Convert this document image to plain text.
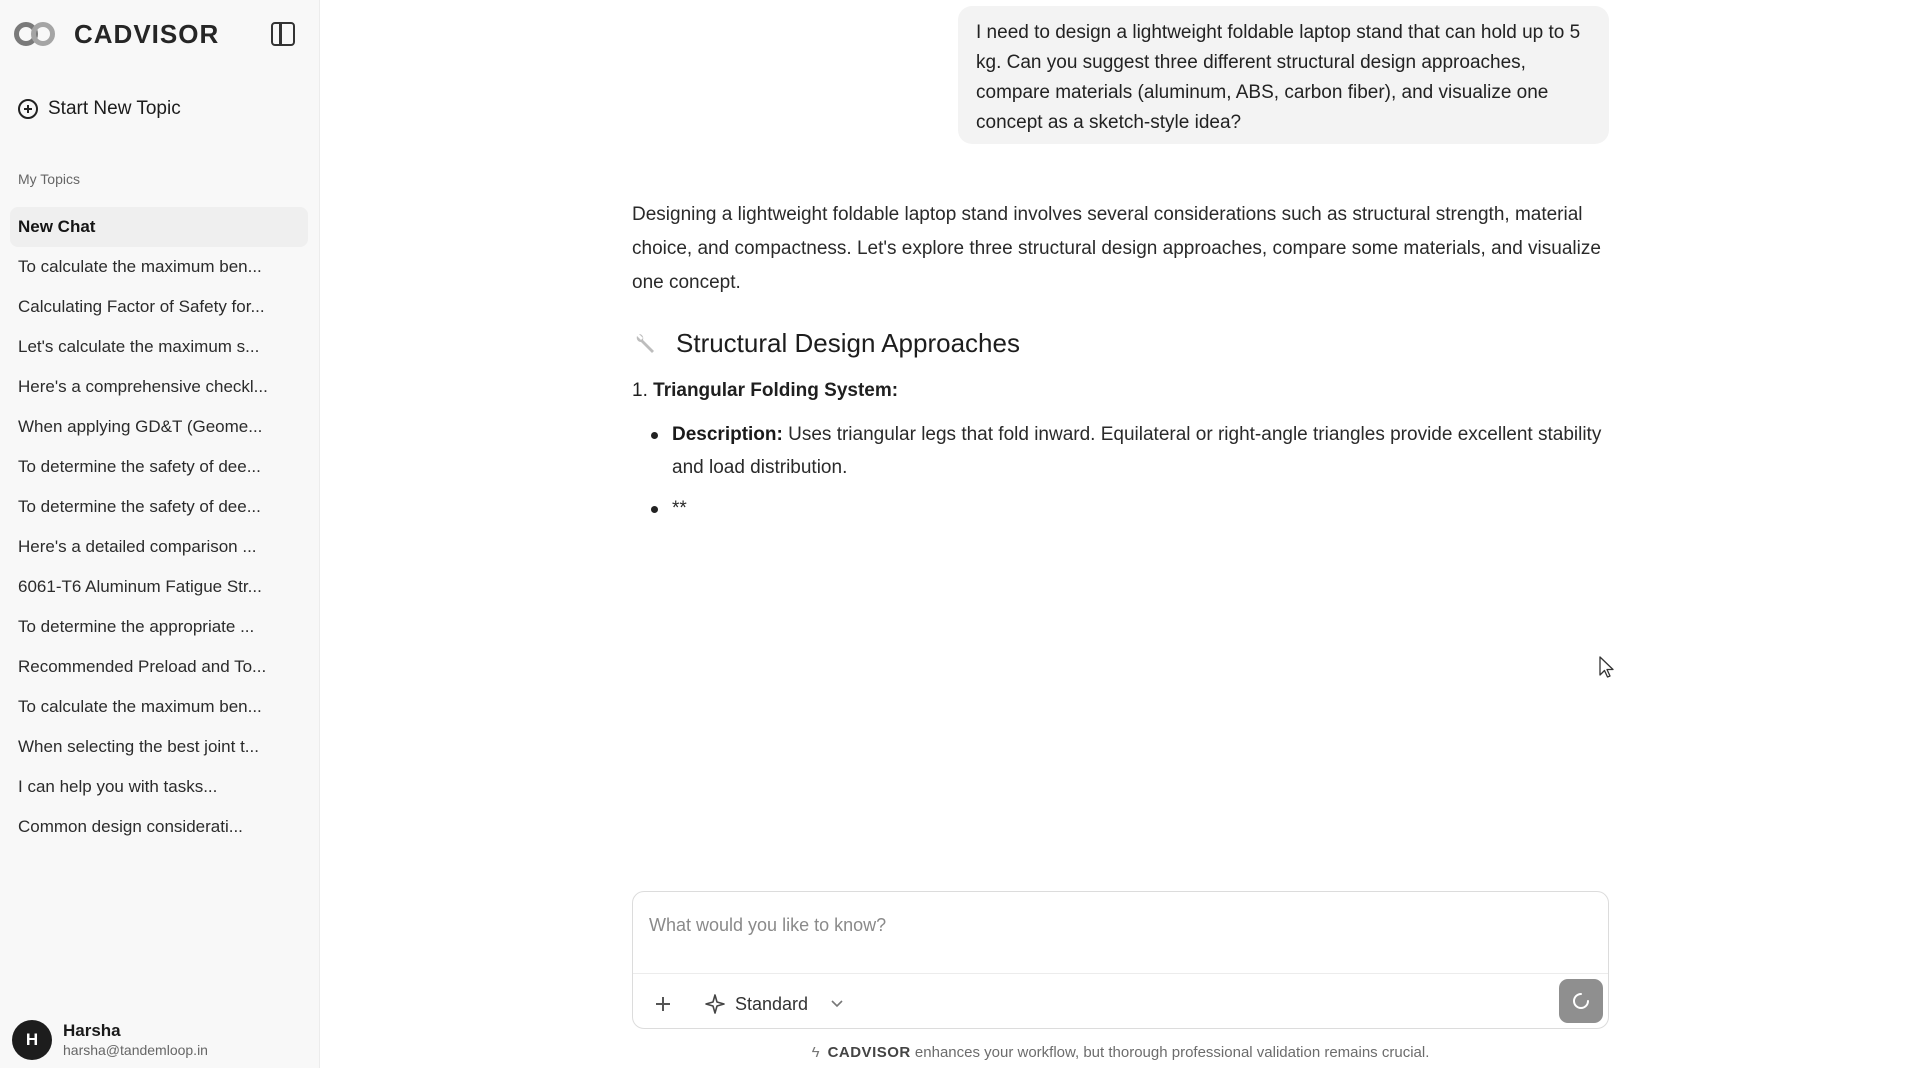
CADVISOR
Start New Topic
My Topics
New Chat
To calculate the maximum ben...
Calculating Factor of Safety for...
Let's calculate the maximum s...
Here's a comprehensive checkl...
When applying GD&T (Geome...
To determine the safety of dee...
To determine the safety of dee...
Here's a detailed comparison ...
6061-T6 Aluminum Fatigue Str...
To determine the appropriate ...
Recommended Preload and To...
To calculate the maximum ben...
When selecting the best joint t...
I can help you with tasks...
Common design considerati...
H	Harsha
harsha@tandemloop.in
I need to design a lightweight foldable laptop stand that can hold up to 5 kg. Can you suggest three different structural design approaches, compare materials (aluminum, ABS, carbon fiber), and visualize one concept as a sketch-style idea?

Designing a lightweight foldable laptop stand involves several considerations such as structural strength, material choice, and compactness. Let's explore three structural design approaches, compare some materials, and visualize one concept.

Structural Design Approaches
1. Triangular Folding System:
Description: Uses triangular legs that fold inward. Equilateral or right-angle triangles provide excellent stability and load distribution.
**
What would you like to know?
Standard
ϟ CADVISOR enhances your workflow, but thorough professional validation remains crucial.
